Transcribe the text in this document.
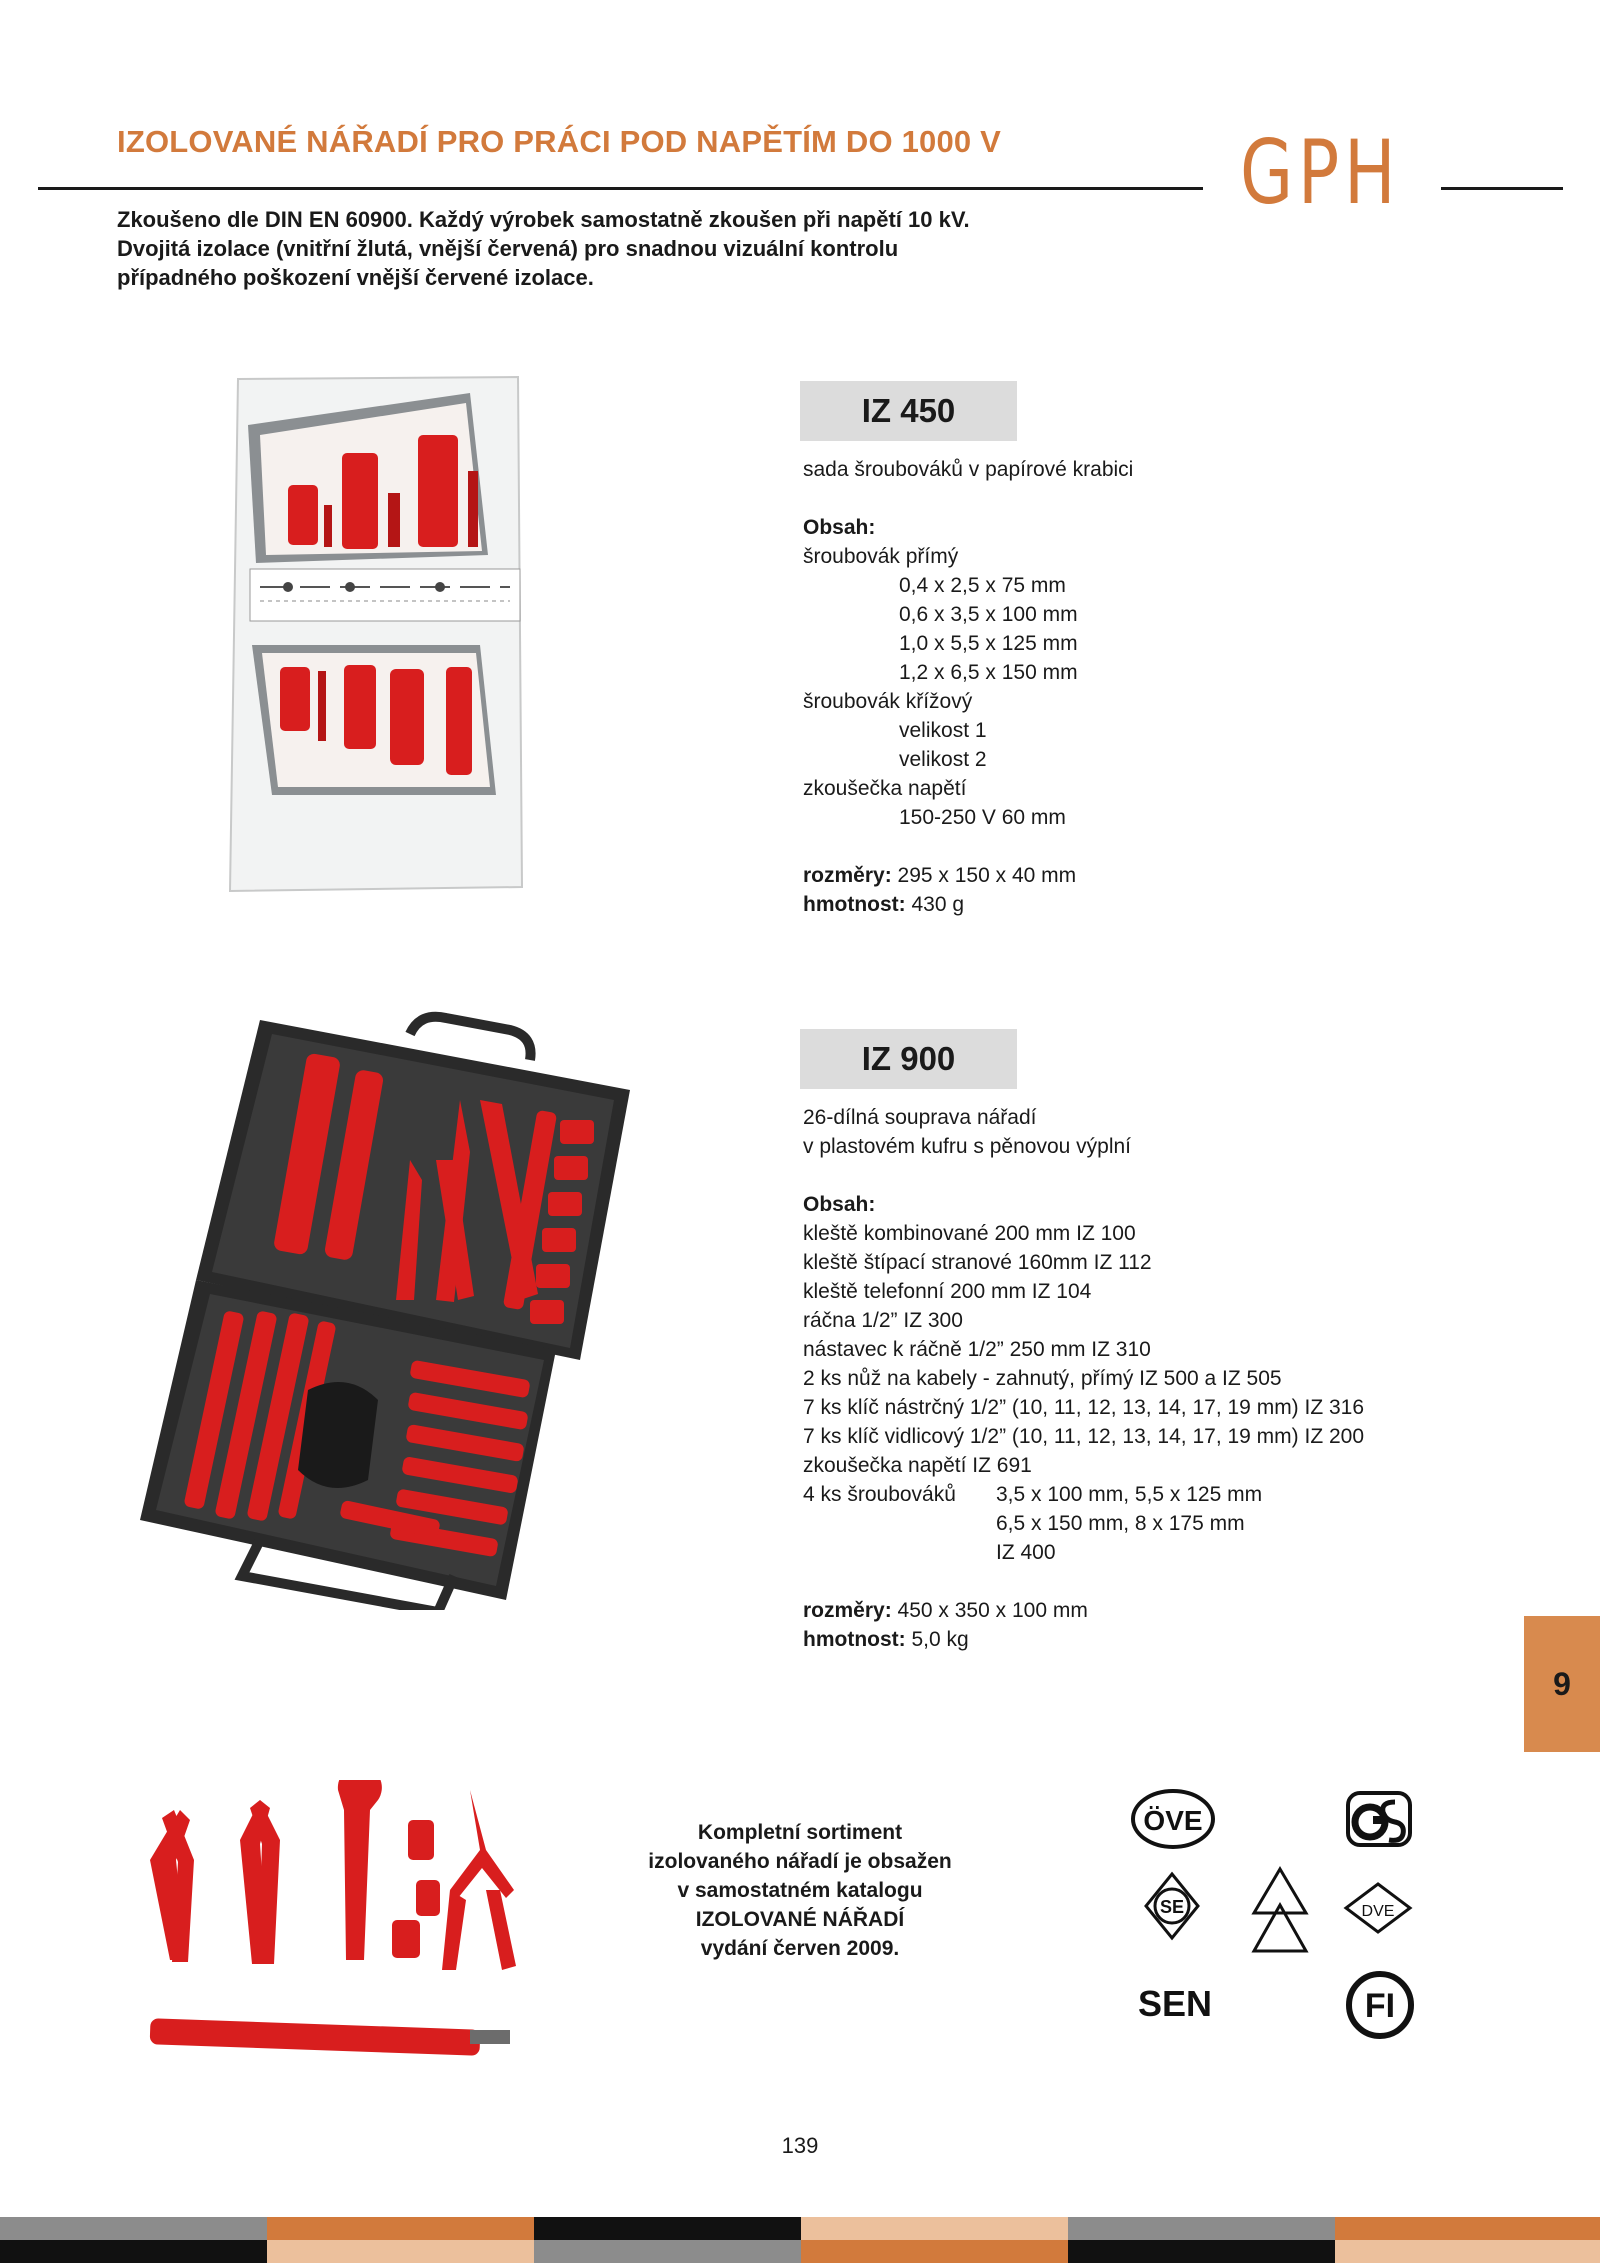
IZOLOVANÉ NÁŘADÍ PRO PRÁCI POD NAPĚTÍM DO 1000 V	GPH
Zkoušeno dle DIN EN 60900. Každý výrobek samostatně zkoušen při napětí 10 kV.
Dvojitá izolace (vnitřní žlutá, vnější červená) pro snadnou vizuální kontrolu
případného poškození vnější červené izolace.
IZ 450
sada šroubováků v papírové krabici
Obsah:
šroubovák přímý
0,4 x 2,5 x 75 mm
0,6 x 3,5 x 100 mm
1,0 x 5,5 x 125 mm
1,2 x 6,5 x 150 mm
šroubovák křížový
velikost 1
velikost 2
zkoušečka napětí
150-250 V 60 mm
rozměry: 295 x 150 x 40 mm
hmotnost: 430 g
IZ 900
26-dílná souprava nářadí
v plastovém kufru s pěnovou výplní
Obsah:
kleště kombinované 200 mm IZ 100
kleště štípací stranové 160mm IZ 112
kleště telefonní 200 mm IZ 104
ráčna 1/2” IZ 300
nástavec k ráčně 1/2” 250 mm IZ 310
2 ks nůž na kabely - zahnutý, přímý IZ 500 a IZ 505
7 ks klíč nástrčný 1/2” (10, 11, 12, 13, 14, 17, 19 mm) IZ 316
7 ks klíč vidlicový 1/2” (10, 11, 12, 13, 14, 17, 19 mm) IZ 200
zkoušečka napětí IZ 691
4 ks šroubováků	3,5 x 100 mm, 5,5 x 125 mm
6,5 x 150 mm, 8 x 175 mm
IZ 400
rozměry: 450 x 350 x 100 mm
hmotnost: 5,0 kg
9
Kompletní sortiment
izolovaného nářadí je obsažen
v samostatném katalogu
IZOLOVANÉ NÁŘADÍ
vydání červen 2009.
ÖVE
SE	DVE
SEN	FI
139
